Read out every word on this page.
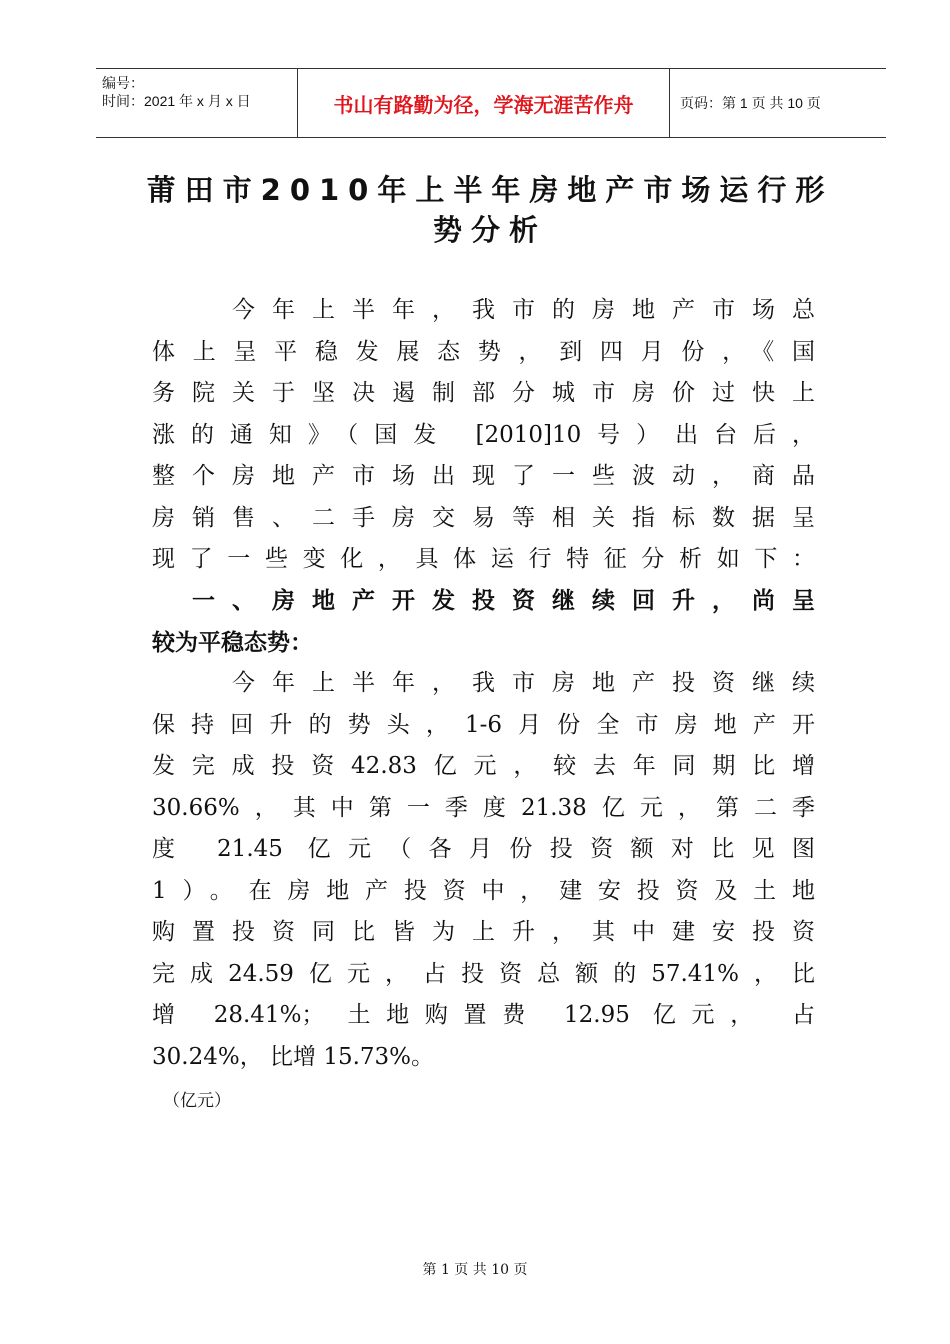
编号：
时间：2021 年 x 月 x 日	书山有路勤为径，学海无涯苦作舟	页码：第 1 页 共 10 页
莆田市2010年上半年房地产市场运行形
势分析
　　今年上半年，我市的房地产市场总
体上呈平稳发展态势，到四月份，《国
务院关于坚决遏制部分城市房价过快上
涨的通知》（国发 [2010]10号）出台后，
整个房地产市场出现了一些波动，商品
房销售、二手房交易等相关指标数据呈
现了一些变化，具体运行特征分析如下：
　一、房地产开发投资继续回升，尚呈
较为平稳态势：
　　今年上半年，我市房地产投资继续
保持回升的势头，1-6月份全市房地产开
发完成投资42.83亿元，较去年同期比增
30.66%，其中第一季度21.38亿元，第二季
度 21.45 亿元（各月份投资额对比见图
1）。在房地产投资中，建安投资及土地
购置投资同比皆为上升，其中建安投资
完成24.59亿元，占投资总额的57.41%，比
增 28.41%； 土地购置费 12.95 亿元， 占
30.24%， 比增 15.73%。
（亿元）
第 1 页 共 10 页
